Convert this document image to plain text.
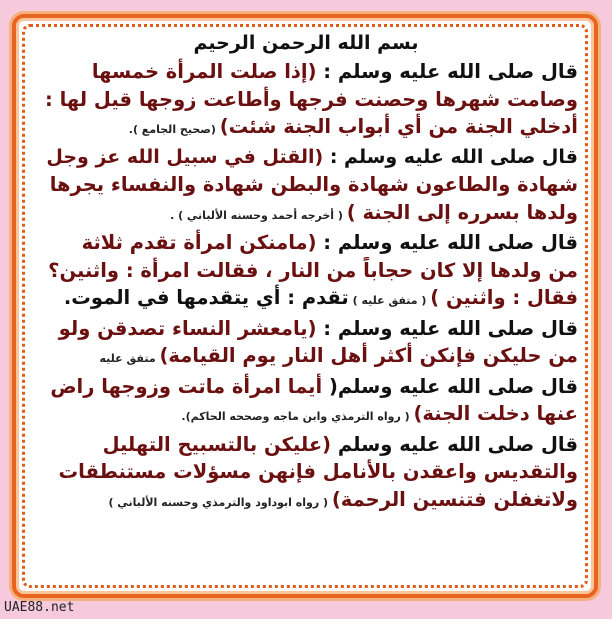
بسم الله الرحمن الرحيم
قال صلى الله عليه وسلم : (إذا صلت المرأة خمسها
وصامت شهرها وحصنت فرجها وأطاعت زوجها قيل لها :
أدخلي الجنة من أي أبواب الجنة شئت) (صحيح الجامع ).
قال صلى الله عليه وسلم : (القتل في سبيل الله عز وجل
شهادة والطاعون شهادة والبطن شهادة والنفساء يجرها
ولدها بسرره إلى الجنة ) ( أخرجه أحمد وحسنه الألباني ) .
قال صلى الله عليه وسلم : (مامنكن امرأة تقدم ثلاثة
من ولدها إلا كان حجاباً من النار ، فقالت امرأة : واثنين؟
فقال : واثنين ) ( متفق عليه ) تقدم : أي يتقدمها في الموت.
قال صلى الله عليه وسلم : (يامعشر النساء تصدقن ولو
من حليكن فإنكن أكثر أهل النار يوم القيامة) متفق عليه
قال صلى الله عليه وسلم( أيما امرأة ماتت وزوجها راض
عنها دخلت الجنة) ( رواه الترمذي وابن ماجه وصححه الحاكم).
قال صلى الله عليه وسلم (عليكن بالتسبيح التهليل
والتقديس واعقدن بالأنامل فإنهن مسؤلات مستنطقات
ولاتغفلن فتنسين الرحمة) ( رواه ابوداود والترمذي وحسنه الألباني )
UAE88.net
